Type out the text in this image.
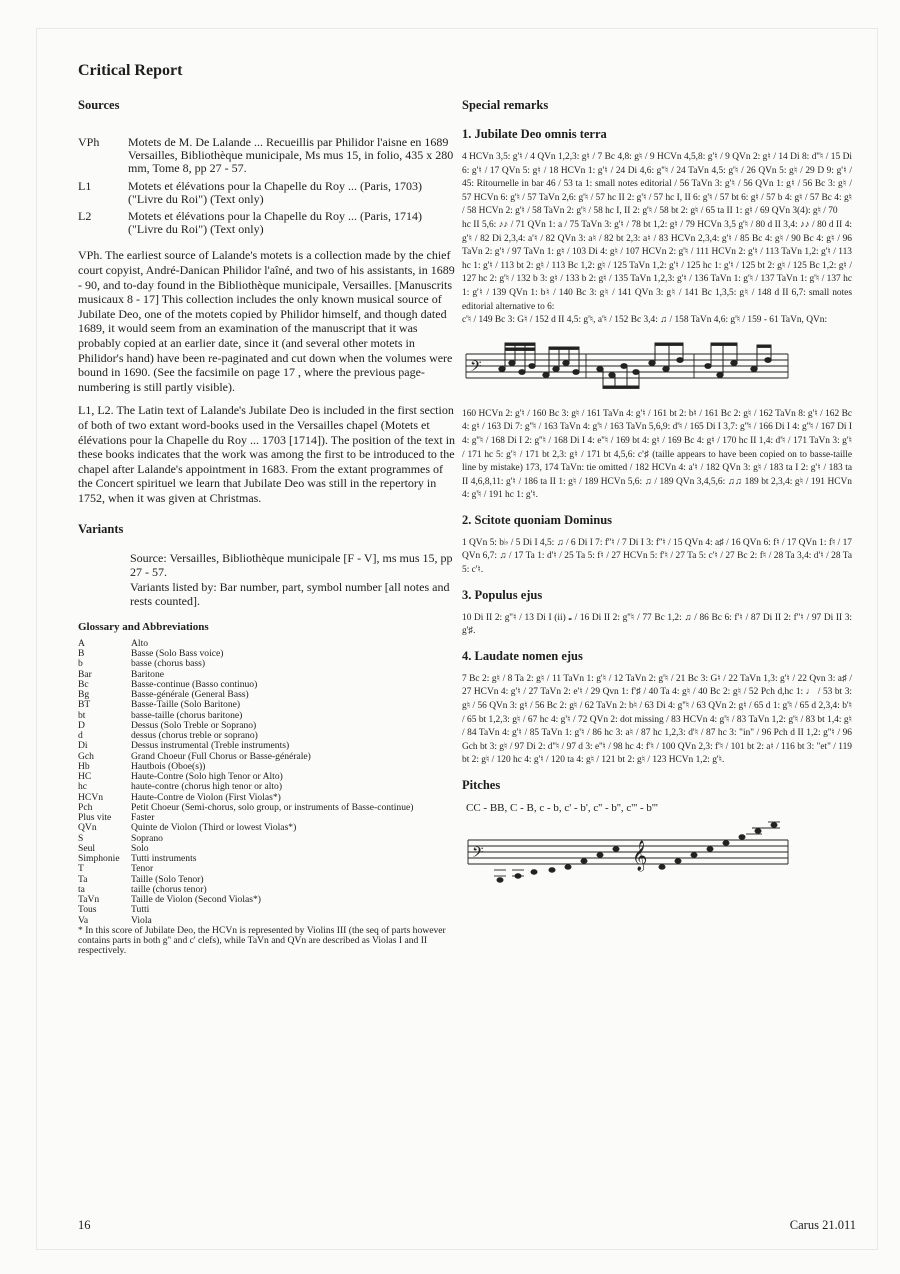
Critical Report
Sources
VPh	Motets de M. De Lalande ... Recueillis par Philidor l'aisne en 1689 Versailles, Bibliothèque municipale, Ms mus 15, in folio, 435 x 280 mm, Tome 8, pp 27 - 57.
L1	Motets et élévations pour la Chapelle du Roy ... (Paris, 1703) ("Livre du Roi") (Text only)
L2	Motets et élévations pour la Chapelle du Roy ... (Paris, 1714) ("Livre du Roi") (Text only)

VPh. The earliest source of Lalande's motets is a collection made by the chief court copyist, André-Danican Philidor l'aîné, and two of his assistants, in 1689 - 90, and to-day found in the Bibliothèque municipale, Versailles. [Manuscrits musicaux 8 - 17] This collection includes the only known musical source of Jubilate Deo, one of the motets copied by Philidor himself, and though dated 1689, it would seem from an examination of the manuscript that it was probably copied at an earlier date, since it (and several other motets in Philidor's hand) have been re-paginated and cut down when the volumes were bound in 1690. (See the facsimile on page 17 , where the previous page-numbering is still partly visible).

L1, L2. The Latin text of Lalande's Jubilate Deo is included in the first section of both of two extant word-books used in the Versailles chapel (Motets et élévations pour la Chapelle du Roy ... 1703 [1714]). The position of the text in these books indicates that the work was among the first to be introduced to the chapel after Lalande's appointment in 1683. From the extant programmes of the Concert spirituel we learn that Jubilate Deo was still in the repertory in 1752, when it was given at Christmas.

Variants

Source: Versailles, Bibliothèque municipale [F - V], ms mus 15, pp 27 - 57.

Variants listed by: Bar number, part, symbol number [all notes and rests counted].

Glossary and Abbreviations
A	Alto
B	Basse (Solo Bass voice)
b	basse (chorus bass)
Bar	Baritone
Bc	Basse-continue (Basso continuo)
Bg	Basse-générale (General Bass)
BT	Basse-Taille (Solo Baritone)
bt	basse-taille (chorus baritone)
D	Dessus (Solo Treble or Soprano)
d	dessus (chorus treble or soprano)
Di	Dessus instrumental (Treble instruments)
Gch	Grand Choeur (Full Chorus or Basse-générale)
Hb	Hautbois (Oboe(s))
HC	Haute-Contre (Solo high Tenor or Alto)
hc	haute-contre (chorus high tenor or alto)
HCVn	Haute-Contre de Violon (First Violas*)
Pch	Petit Choeur (Semi-chorus, solo group, or instruments of Basse-continue)
Plus vite	Faster
QVn	Quinte de Violon (Third or lowest Violas*)
S	Soprano
Seul	Solo
Simphonie	Tutti instruments
T	Tenor
Ta	Taille (Solo Tenor)
ta	taille (chorus tenor)
TaVn	Taille de Violon (Second Violas*)
Tous	Tutti
Va	Viola
* In this score of Jubilate Deo, the HCVn is represented by Violins III (the seq of parts however contains parts in both g'' and c' clefs), while TaVn and QVn are described as Violas I and II respectively.
Special remarks
1. Jubilate Deo omnis terra
4 HCVn 3,5: g'♮ / 4 QVn 1,2,3: g♮ / 7 Bc 4,8: g♮ / 9 HCVn 4,5,8: g'♮ / 9 QVn 2: g♮ / 14 Di 8: d''♮ / 15 Di 6: g'♮ / 17 QVn 5: g♮ / 18 HCVn 1: g'♮ / 24 Di 4,6: g''♮ / 24 TaVn 4,5: g'♮ / 26 QVn 5: g♮ / 29 D 9: g'♮ / 45: Ritournelle in bar 46 / 53 ta 1: small notes editorial / 56 TaVn 3: g'♮ / 56 QVn 1: g♮ / 56 Bc 3: g♮ / 57 HCVn 6: g'♮ / 57 TaVn 2,6: g'♮ / 57 hc II 2: g'♮ / 57 hc I, II 6: g'♮ / 57 bt 6: g♮ / 57 b 4: g♮ / 57 Bc 4: g♮ / 58 HCVn 2: g'♮ / 58 TaVn 2: g'♮ / 58 hc I, II 2: g'♮ / 58 bt 2: g♮ / 65 ta II 1: g♮ / 69 QVn 3(4): g♮ / 70
hc II 5,6: ♪♪ / 71 QVn 1: a / 75 TaVn 3: g'♮ / 78 bt 1,2: g♮ / 79 HCVn 3,5 g'♮ / 80 d II 3,4: ♪♪ / 80 d II 4: g'♮ / 82 Di 2,3,4: a'♮ / 82 QVn 3: a♮ / 82 bt 2,3: a♮ / 83 HCVn 2,3,4: g'♮ / 85 Bc 4: g♮ / 90 Bc 4: g♮ / 96 TaVn 2: g'♮ / 97 TaVn 1: g♮ / 103 Di 4: g♮ / 107 HCVn 2: g'♮ / 111 HCVn 2: g'♮ / 113 TaVn 1,2: g'♮ / 113 hc 1: g'♮ / 113 bt 2: g♮ / 113 Bc 1,2: g♮ / 125 TaVn 1,2: g'♮ / 125 hc 1: g'♮ / 125 bt 2: g♮ / 125 Bc 1,2: g♮ / 127 hc 2: g'♮ / 132 b 3: g♮ / 133 b 2: g♮ / 135 TaVn 1,2,3: g'♮ / 136 TaVn 1: g'♮ / 137 TaVn 1: g'♮ / 137 hc 1: g'♮ / 139 QVn 1: b♮ / 140 Bc 3: g♮ / 141 QVn 3: g♮ / 141 Bc 1,3,5: g♮ / 148 d II 6,7: small notes editorial alternative to 6:
c'♮ / 149 Bc 3: G♮ / 152 d II 4,5: g'♮, a'♮ / 152 Bc 3,4: ♫ / 158 TaVn 4,6: g'♮ / 159 - 61 TaVn, QVn:
𝄢
160 HCVn 2: g'♮ / 160 Bc 3: g♮ / 161 TaVn 4: g'♮ / 161 bt 2: b♮ / 161 Bc 2: g♮ / 162 TaVn 8: g'♮ / 162 Bc 4: g♮ / 163 Di 7: g''♮ / 163 TaVn 4: g'♮ / 163 TaVn 5,6,9: d'♮ / 165 Di I 3,7: g''♮ / 166 Di I 4: g''♮ / 167 Di I 4: g''♮ / 168 Di I 2: g''♮ / 168 Di I 4: e''♮ / 169 bt 4: g♮ / 169 Bc 4: g♮ / 170 hc II 1,4: d'♮ / 171 TaVn 3: g'♮ / 171 hc 5: g'♮ / 171 bt 2,3: g♮ / 171 bt 4,5,6: c'♯ (taille appears to have been copied on to basse-taille line by mistake) 173, 174 TaVn: tie omitted / 182 HCVn 4: a'♮ / 182 QVn 3: g♮ / 183 ta I 2: g'♮ / 183 ta II 4,6,8,11: g'♮ / 186 ta II 1: g♮ / 189 HCVn 5,6: ♫ / 189 QVn 3,4,5,6: ♫♫ 189 bt 2,3,4: g♮ / 191 HCVn 4: g'♮ / 191 hc 1: g'♮.
2. Scitote quoniam Dominus
1 QVn 5: b♭ / 5 Di I 4,5: ♫ / 6 Di I 7: f''♮ / 7 Di I 3: f''♮ / 15 QVn 4: a♯ / 16 QVn 6: f♮ / 17 QVn 1: f♮ / 17 QVn 6,7: ♫ / 17 Ta 1: d'♮ / 25 Ta 5: f♮ / 27 HCVn 5: f'♮ / 27 Ta 5: c'♮ / 27 Bc 2: f♮ / 28 Ta 3,4: d'♮ / 28 Ta 5: c'♮.
3. Populus ejus
10 Di II 2: g''♮ / 13 Di I (ii) 𝅝 / 16 Di II 2: g''♮ / 77 Bc 1,2: ♫ / 86 Bc 6: f'♮ / 87 Di II 2: f''♮ / 97 Di II 3: g'♯.
4. Laudate nomen ejus
7 Bc 2: g♮ / 8 Ta 2: g♮ / 11 TaVn 1: g'♮ / 12 TaVn 2: g'♮ / 21 Bc 3: G♮ / 22 TaVn 1,3: g'♮ / 22 Qvn 3: a♯ / 27 HCVn 4: g'♮ / 27 TaVn 2: e'♮ / 29 Qvn 1: f'♯ / 40 Ta 4: g♮ / 40 Bc 2: g♮ / 52 Pch d,hc 1: ♩ / 53 bt 3: g♮ / 56 QVn 3: g♮ / 56 Bc 2: g♮ / 62 TaVn 2: b♮ / 63 Di 4: g''♮ / 63 QVn 2: g♮ / 65 d 1: g'♮ / 65 d 2,3,4: b'♮ / 65 bt 1,2,3: g♮ / 67 hc 4: g'♮ / 72 QVn 2: dot missing / 83 HCVn 4: g'♮ / 83 TaVn 1,2: g'♮ / 83 bt 1,4: g♮ / 84 TaVn 4: g'♮ / 85 TaVn 1: g'♮ / 86 hc 3: a♮ / 87 hc 1,2,3: d'♮ / 87 hc 3: "in" / 96 Pch d II 1,2: g''♮ / 96 Gch bt 3: g♮ / 97 Di 2: d''♮ / 97 d 3: e''♮ / 98 hc 4: f'♮ / 100 QVn 2,3: f'♮ / 101 bt 2: a♮ / 116 bt 3: "et" / 119 bt 2: g♮ / 120 hc 4: g'♮ / 120 ta 4: g♮ / 121 bt 2: g♮ / 123 HCVn 1,2: g'♮.
Pitches
CC - BB, C - B, c - b, c' - b', c'' - b'', c''' - b'''
𝄢	𝄞
16	Carus 21.011
